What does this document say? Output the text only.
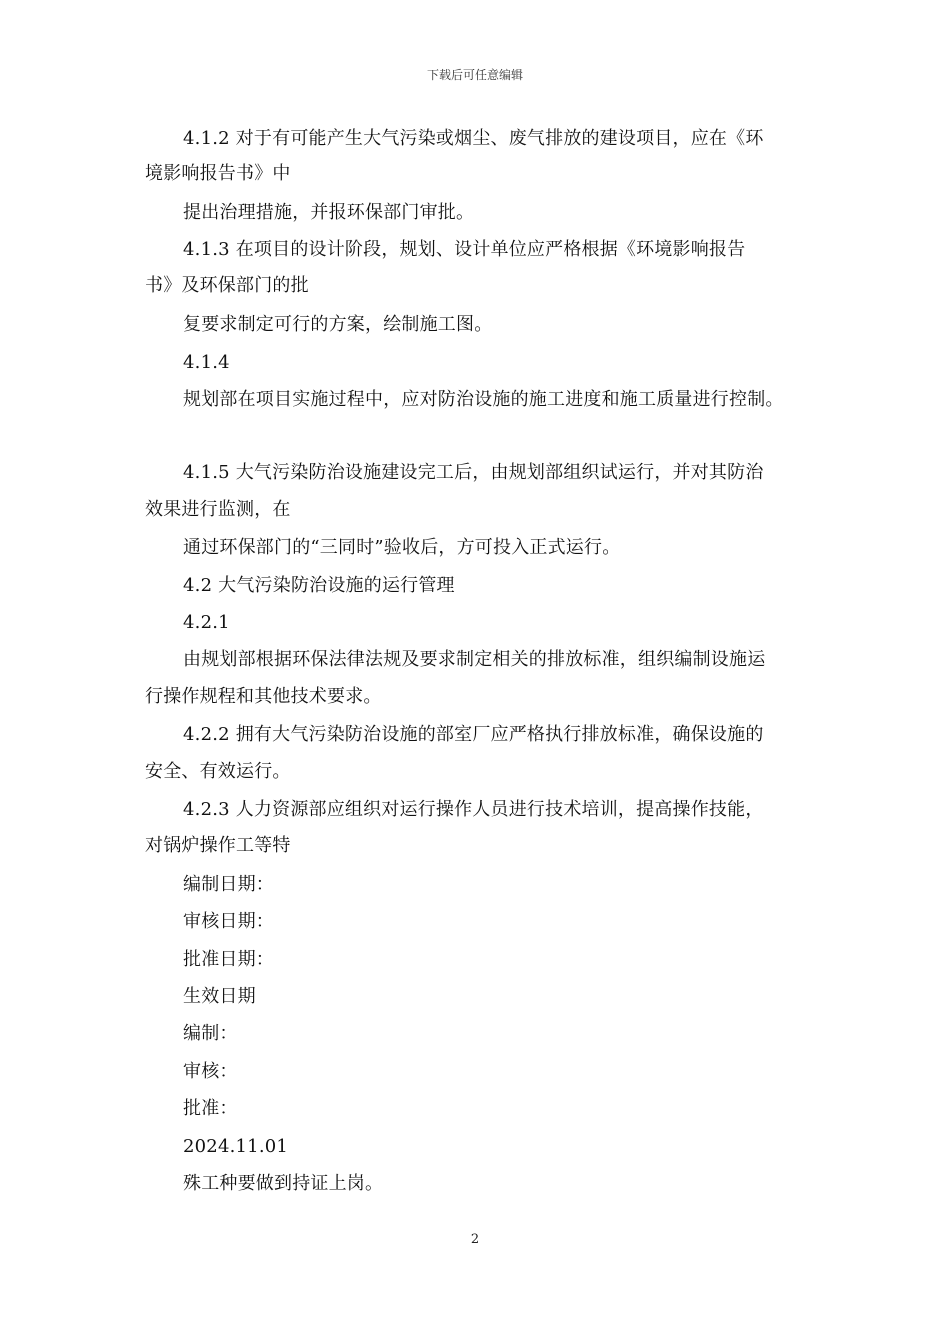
下载后可任意编辑
4.1.2 对于有可能产生大气污染或烟尘、废气排放的建设项目，应在《环
境影响报告书》中
提出治理措施，并报环保部门审批。
4.1.3 在项目的设计阶段，规划、设计单位应严格根据《环境影响报告
书》及环保部门的批
复要求制定可行的方案，绘制施工图。
4.1.4
规划部在项目实施过程中，应对防治设施的施工进度和施工质量进行控制。
4.1.5 大气污染防治设施建设完工后，由规划部组织试运行，并对其防治
效果进行监测，在
通过环保部门的“三同时”验收后，方可投入正式运行。
4.2 大气污染防治设施的运行管理
4.2.1
由规划部根据环保法律法规及要求制定相关的排放标准，组织编制设施运
行操作规程和其他技术要求。
4.2.2 拥有大气污染防治设施的部室厂应严格执行排放标准，确保设施的
安全、有效运行。
4.2.3 人力资源部应组织对运行操作人员进行技术培训，提高操作技能，
对锅炉操作工等特
编制日期：
审核日期：
批准日期：
生效日期
编制：
审核：
批准：
2024.11.01
殊工种要做到持证上岗。
2
